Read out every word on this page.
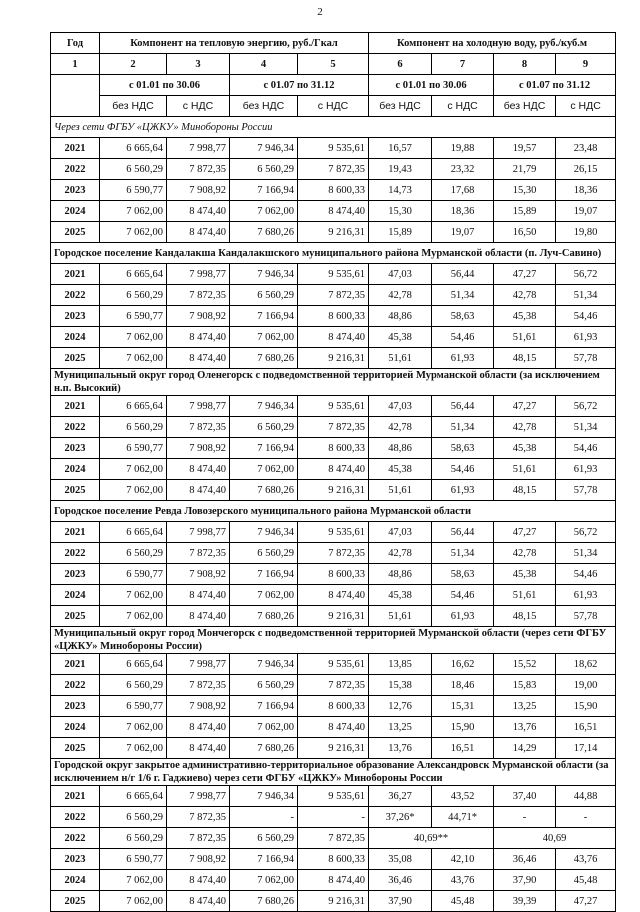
2
Год	Компонент на тепловую энергию, руб./Гкал				Компонент на холодную воду, руб./куб.м			
1	2	3	4	5	6	7	8	9
	с 01.01 по 30.06		с 01.07 по 31.12		с 01.01 по 30.06		с 01.07 по 31.12	
	без НДС	с НДС	без НДС	с НДС	без НДС	с НДС	без НДС	с НДС
Через сети ФГБУ «ЦЖКУ» Минобороны России								
2021	6 665,64	7 998,77	7 946,34	9 535,61	16,57	19,88	19,57	23,48
2022	6 560,29	7 872,35	6 560,29	7 872,35	19,43	23,32	21,79	26,15
2023	6 590,77	7 908,92	7 166,94	8 600,33	14,73	17,68	15,30	18,36
2024	7 062,00	8 474,40	7 062,00	8 474,40	15,30	18,36	15,89	19,07
2025	7 062,00	8 474,40	7 680,26	9 216,31	15,89	19,07	16,50	19,80
Городское поселение Кандалакша Кандалакшского муниципального района Мурманской области (п. Луч-Савино)								
2021	6 665,64	7 998,77	7 946,34	9 535,61	47,03	56,44	47,27	56,72
2022	6 560,29	7 872,35	6 560,29	7 872,35	42,78	51,34	42,78	51,34
2023	6 590,77	7 908,92	7 166,94	8 600,33	48,86	58,63	45,38	54,46
2024	7 062,00	8 474,40	7 062,00	8 474,40	45,38	54,46	51,61	61,93
2025	7 062,00	8 474,40	7 680,26	9 216,31	51,61	61,93	48,15	57,78
Муниципальный округ город Оленегорск с подведомственной территорией Мурманской области (за исключением н.п. Высокий)								
2021	6 665,64	7 998,77	7 946,34	9 535,61	47,03	56,44	47,27	56,72
2022	6 560,29	7 872,35	6 560,29	7 872,35	42,78	51,34	42,78	51,34
2023	6 590,77	7 908,92	7 166,94	8 600,33	48,86	58,63	45,38	54,46
2024	7 062,00	8 474,40	7 062,00	8 474,40	45,38	54,46	51,61	61,93
2025	7 062,00	8 474,40	7 680,26	9 216,31	51,61	61,93	48,15	57,78
Городское поселение Ревда Ловозерского муниципального района Мурманской области								
2021	6 665,64	7 998,77	7 946,34	9 535,61	47,03	56,44	47,27	56,72
2022	6 560,29	7 872,35	6 560,29	7 872,35	42,78	51,34	42,78	51,34
2023	6 590,77	7 908,92	7 166,94	8 600,33	48,86	58,63	45,38	54,46
2024	7 062,00	8 474,40	7 062,00	8 474,40	45,38	54,46	51,61	61,93
2025	7 062,00	8 474,40	7 680,26	9 216,31	51,61	61,93	48,15	57,78
Муниципальный округ город Мончегорск с подведомственной территорией Мурманской области (через сети ФГБУ «ЦЖКУ» Минобороны России)								
2021	6 665,64	7 998,77	7 946,34	9 535,61	13,85	16,62	15,52	18,62
2022	6 560,29	7 872,35	6 560,29	7 872,35	15,38	18,46	15,83	19,00
2023	6 590,77	7 908,92	7 166,94	8 600,33	12,76	15,31	13,25	15,90
2024	7 062,00	8 474,40	7 062,00	8 474,40	13,25	15,90	13,76	16,51
2025	7 062,00	8 474,40	7 680,26	9 216,31	13,76	16,51	14,29	17,14
Городской округ закрытое административно-территориальное образование Александровск Мурманской области (за исключением н/г 1/6 г. Гаджиево) через сети ФГБУ «ЦЖКУ» Минобороны России								
2021	6 665,64	7 998,77	7 946,34	9 535,61	36,27	43,52	37,40	44,88
2022	6 560,29	7 872,35	-	-	37,26*	44,71*	-	-
2022	6 560,29	7 872,35	6 560,29	7 872,35	40,69**		40,69	
2023	6 590,77	7 908,92	7 166,94	8 600,33	35,08	42,10	36,46	43,76
2024	7 062,00	8 474,40	7 062,00	8 474,40	36,46	43,76	37,90	45,48
2025	7 062,00	8 474,40	7 680,26	9 216,31	37,90	45,48	39,39	47,27
